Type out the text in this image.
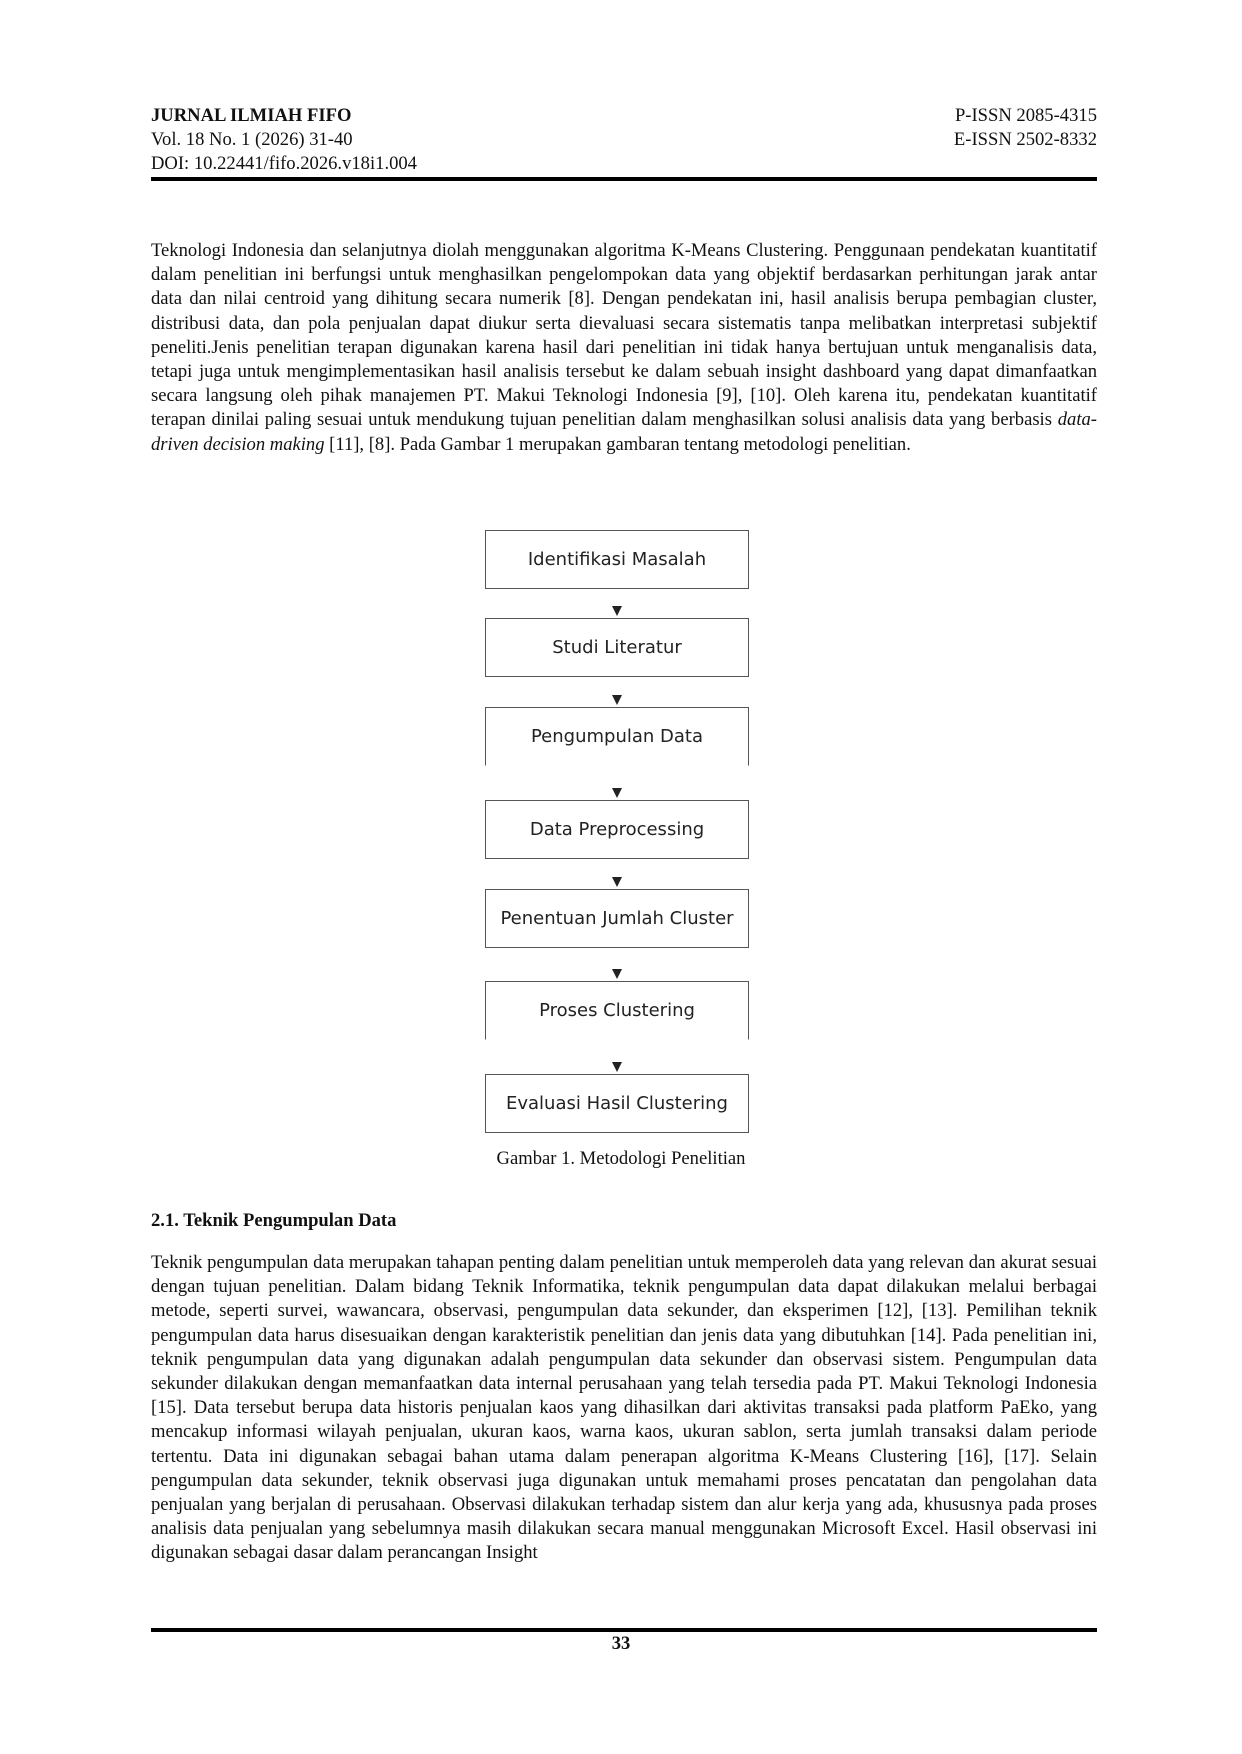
JURNAL ILMIAH FIFO	P-ISSN 2085-4315
Vol. 18 No. 1 (2026) 31-40	E-ISSN 2502-8332
DOI: 10.22441/fifo.2026.v18i1.004

Teknologi Indonesia dan selanjutnya diolah menggunakan algoritma K-Means Clustering. Penggunaan pendekatan kuantitatif dalam penelitian ini berfungsi untuk menghasilkan pengelompokan data yang objektif berdasarkan perhitungan jarak antar data dan nilai centroid yang dihitung secara numerik [8]. Dengan pendekatan ini, hasil analisis berupa pembagian cluster, distribusi data, dan pola penjualan dapat diukur serta dievaluasi secara sistematis tanpa melibatkan interpretasi subjektif peneliti.Jenis penelitian terapan digunakan karena hasil dari penelitian ini tidak hanya bertujuan untuk menganalisis data, tetapi juga untuk mengimplementasikan hasil analisis tersebut ke dalam sebuah insight dashboard yang dapat dimanfaatkan secara langsung oleh pihak manajemen PT. Makui Teknologi Indonesia [9], [10]. Oleh karena itu, pendekatan kuantitatif terapan dinilai paling sesuai untuk mendukung tujuan penelitian dalam menghasilkan solusi analisis data yang berbasis data-driven decision making [11], [8]. Pada Gambar 1 merupakan gambaran tentang metodologi penelitian.

Identifikasi Masalah
Studi Literatur
Pengumpulan Data
Data Preprocessing
Penentuan Jumlah Cluster
Proses Clustering
Evaluasi Hasil Clustering
Gambar 1. Metodologi Penelitian
2.1. Teknik Pengumpulan Data

Teknik pengumpulan data merupakan tahapan penting dalam penelitian untuk memperoleh data yang relevan dan akurat sesuai dengan tujuan penelitian. Dalam bidang Teknik Informatika, teknik pengumpulan data dapat dilakukan melalui berbagai metode, seperti survei, wawancara, observasi, pengumpulan data sekunder, dan eksperimen [12], [13]. Pemilihan teknik pengumpulan data harus disesuaikan dengan karakteristik penelitian dan jenis data yang dibutuhkan [14]. Pada penelitian ini, teknik pengumpulan data yang digunakan adalah pengumpulan data sekunder dan observasi sistem. Pengumpulan data sekunder dilakukan dengan memanfaatkan data internal perusahaan yang telah tersedia pada PT. Makui Teknologi Indonesia [15]. Data tersebut berupa data historis penjualan kaos yang dihasilkan dari aktivitas transaksi pada platform PaEko, yang mencakup informasi wilayah penjualan, ukuran kaos, warna kaos, ukuran sablon, serta jumlah transaksi dalam periode tertentu. Data ini digunakan sebagai bahan utama dalam penerapan algoritma K-Means Clustering [16], [17]. Selain pengumpulan data sekunder, teknik observasi juga digunakan untuk memahami proses pencatatan dan pengolahan data penjualan yang berjalan di perusahaan. Observasi dilakukan terhadap sistem dan alur kerja yang ada, khususnya pada proses analisis data penjualan yang sebelumnya masih dilakukan secara manual menggunakan Microsoft Excel. Hasil observasi ini digunakan sebagai dasar dalam perancangan Insight

33
